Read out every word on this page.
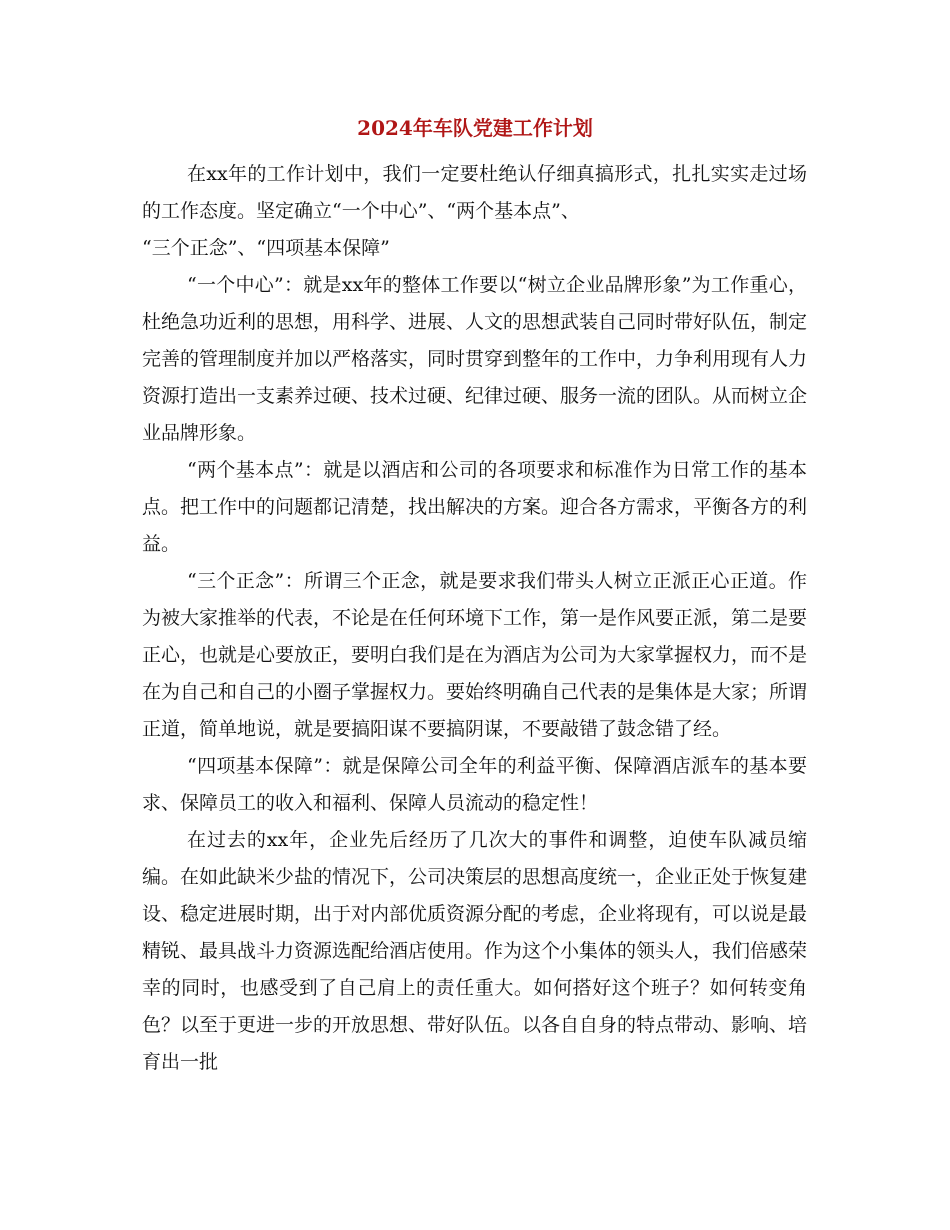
2024年车队党建工作计划

在xx年的工作计划中，我们一定要杜绝认仔细真搞形式，扎扎实实走过场的工作态度。坚定确立“一个中心”、“两个基本点”、

“三个正念”、“四项基本保障”

“一个中心”：就是xx年的整体工作要以“树立企业品牌形象”为工作重心，杜绝急功近利的思想，用科学、进展、人文的思想武装自己同时带好队伍，制定完善的管理制度并加以严格落实，同时贯穿到整年的工作中，力争利用现有人力资源打造出一支素养过硬、技术过硬、纪律过硬、服务一流的团队。从而树立企业品牌形象。

“两个基本点”：就是以酒店和公司的各项要求和标准作为日常工作的基本点。把工作中的问题都记清楚，找出解决的方案。迎合各方需求，平衡各方的利益。

“三个正念”：所谓三个正念，就是要求我们带头人树立正派正心正道。作为被大家推举的代表，不论是在任何环境下工作，第一是作风要正派，第二是要正心，也就是心要放正，要明白我们是在为酒店为公司为大家掌握权力，而不是在为自己和自己的小圈子掌握权力。要始终明确自己代表的是集体是大家；所谓正道，简单地说，就是要搞阳谋不要搞阴谋，不要敲错了鼓念错了经。

“四项基本保障”：就是保障公司全年的利益平衡、保障酒店派车的基本要求、保障员工的收入和福利、保障人员流动的稳定性！

在过去的xx年，企业先后经历了几次大的事件和调整，迫使车队减员缩编。在如此缺米少盐的情况下，公司决策层的思想高度统一，企业正处于恢复建设、稳定进展时期，出于对内部优质资源分配的考虑，企业将现有，可以说是最精锐、最具战斗力资源选配给酒店使用。作为这个小集体的领头人，我们倍感荣幸的同时，也感受到了自己肩上的责任重大。如何搭好这个班子？如何转变角色？以至于更进一步的开放思想、带好队伍。以各自自身的特点带动、影响、培育出一批
